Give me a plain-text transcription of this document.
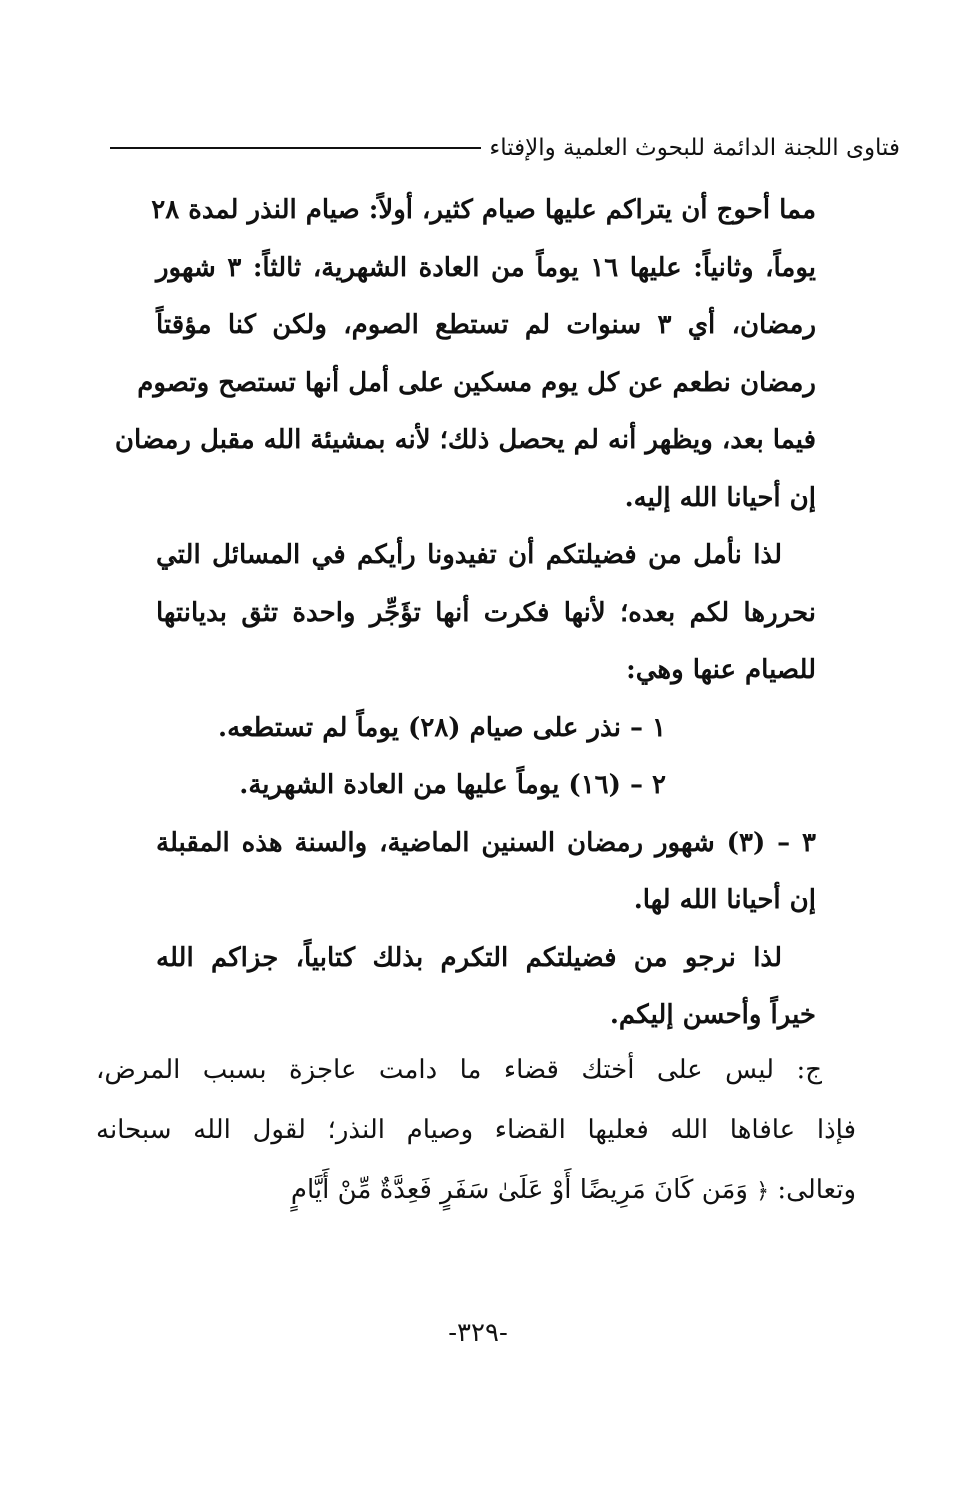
فتاوى اللجنة الدائمة للبحوث العلمية والإفتاء
مما أحوج أن يتراكم عليها صيام كثير، أولاً: صيام النذر لمدة ٢٨
يوماً، وثانياً: عليها ١٦ يوماً من العادة الشهرية، ثالثاً: ٣ شهور
رمضان، أي ٣ سنوات لم تستطع الصوم، ولكن كنا مؤقتاً
رمضان نطعم عن كل يوم مسكين على أمل أنها تستصح وتصوم
فيما بعد، ويظهر أنه لم يحصل ذلك؛ لأنه بمشيئة الله مقبل رمضان
إن أحيانا الله إليه.
لذا نأمل من فضيلتكم أن تفيدونا رأيكم في المسائل التي
نحررها لكم بعده؛ لأنها فكرت أنها تؤَجِّر واحدة تثق بديانتها
للصيام عنها وهي:
١ – نذر على صيام (٢٨) يوماً لم تستطعه.
٢ – (١٦) يوماً عليها من العادة الشهرية.
٣ – (٣) شهور رمضان السنين الماضية، والسنة هذه المقبلة
إن أحيانا الله لها.
لذا نرجو من فضيلتكم التكرم بذلك كتابياً، جزاكم الله
خيراً وأحسن إليكم.
ج: ليس على أختك قضاء ما دامت عاجزة بسبب المرض،
فإذا عافاها الله فعليها القضاء وصيام النذر؛ لقول الله سبحانه
وتعالى: ﴿ وَمَن كَانَ مَرِيضًا أَوْ عَلَىٰ سَفَرٍ فَعِدَّةٌ مِّنْ أَيَّامٍ
-٣٢٩-
